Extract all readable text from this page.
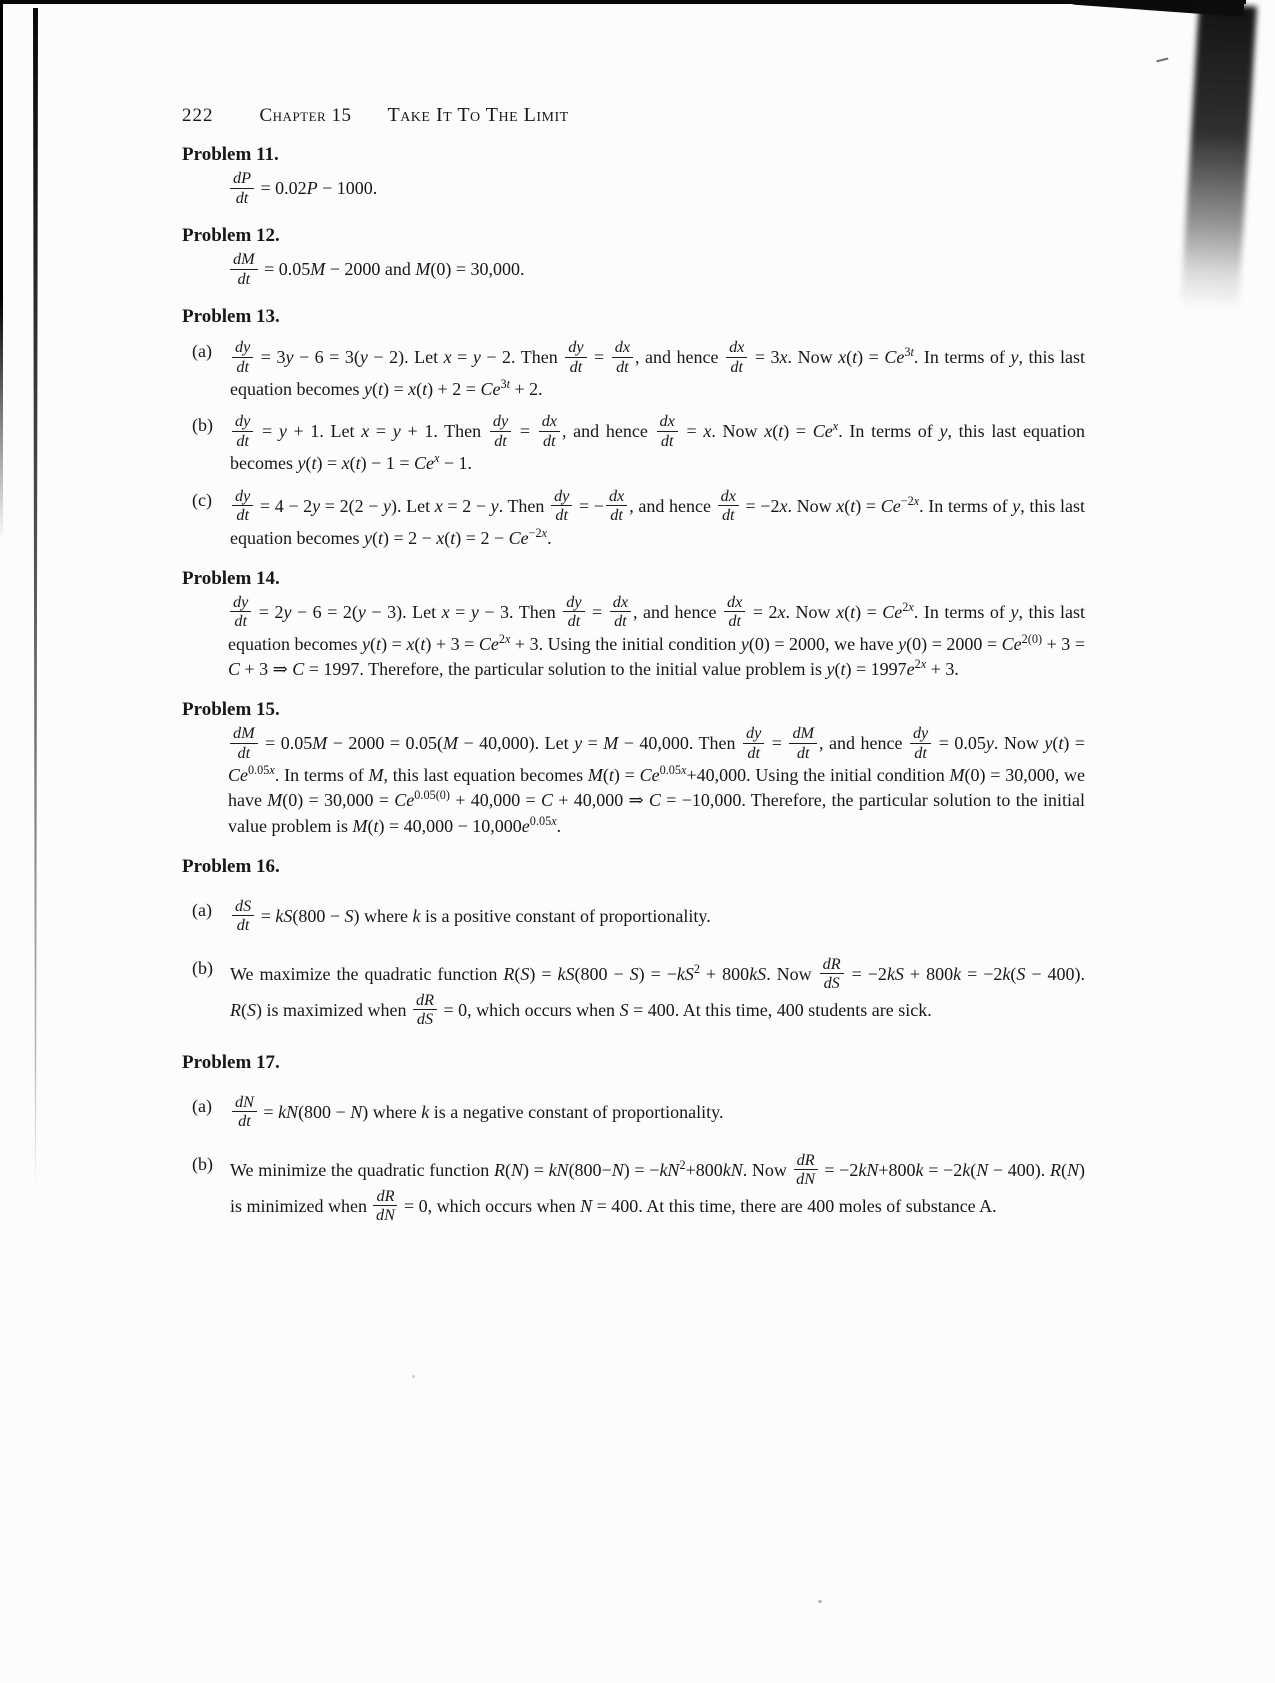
222 Chapter 15 Take It To The Limit
Problem 11.
$\frac{dP}{dt} = 0.02P - 1000$.
Problem 12.
$\frac{dM}{dt} = 0.05M - 2000$ and M(0) = 30,000.
Problem 13.
(a)	$\frac{dy}{dt} = 3y - 6 = 3(y - 2)$. Let x = y − 2. Then $\frac{dy}{dt} = \frac{dx}{dt}$ , and hence $\frac{dx}{dt} = 3x$. Now $x(t) = Ce^{3t}$. In terms of y, this last equation becomes $y(t) = x(t) + 2 = Ce^{3t} + 2$.
(b)	$\frac{dy}{dt} = y + 1$. Let x = y + 1. Then $\frac{dy}{dt} = \frac{dx}{dt}$ , and hence $\frac{dx}{dt} = x$. Now $x(t) = Ce^x$. In terms of y, this last equation becomes $y(t) = x(t) - 1 = Ce^x - 1$.
(c)	$\frac{dy}{dt} = 4 - 2y = 2(2 - y)$. Let x = 2 − y. Then $\frac{dy}{dt}$ = − $\frac{dx}{dt}$ , and hence $\frac{dx}{dt} = -2x$. Now $x(t) = Ce^{-2x}$. In terms of y, this last equation becomes $y(t) = 2 - x(t) = 2 - Ce^{-2x}$.
Problem 14.
$\frac{dy}{dt} = 2y - 6 = 2(y - 3)$. Let x = y − 3. Then $\frac{dy}{dt} = \frac{dx}{dt}$ , and hence $\frac{dx}{dt} = 2x$. Now $x(t) = Ce^{2x}$. In terms of y, this last equation becomes $y(t) = x(t) + 3 = Ce^{2x} + 3$. Using the initial condition y(0) = 2000, we have $y(0) = 2000 = Ce^{2(0)} + 3 = C + 3$ ⇒ C = 1997. Therefore, the particular solution to the initial value problem is $y(t) = 1997e^{2x} + 3$.
Problem 15.
$\frac{dM}{dt} = 0.05M - 2000 = 0.05(M - 40,000)$. Let y = M − 40,000. Then $\frac{dy}{dt} = \frac{dM}{dt}$ , and hence $\frac{dy}{dt} = 0.05y$. Now $y(t) = Ce^{0.05x}$. In terms of M, this last equation becomes $M(t) = Ce^{0.05x}+40,000$. Using the initial condition M(0) = 30,000, we have $M(0) = 30,000 = Ce^{0.05(0)} + 40,000 = C + 40,000$ ⇒ C = −10,000. Therefore, the particular solution to the initial value problem is $M(t) = 40,000 - 10,000e^{0.05x}$.
Problem 16.
(a)	$\frac{dS}{dt} = kS(800 - S)$ where k is a positive constant of proportionality.
(b) We maximize the quadratic function $R(S) = kS(800 - S) = -kS^2 + 800kS$. Now $\frac{dR}{dS} = -2kS + 800k = -2k(S - 400)$. R(S) is maximized when $\frac{dR}{dS} = 0$, which occurs when S = 400. At this time, 400 students are sick.
Problem 17.
(a)	$\frac{dN}{dt} = kN(800 - N)$ where k is a negative constant of proportionality.
(b) We minimize the quadratic function $R(N) = kN(800-N) = -kN^2+800kN$. Now $\frac{dR}{dN} = -2kN+800k = -2k(N - 400)$. R(N) is minimized when $\frac{dR}{dN} = 0$, which occurs when N = 400. At this time, there are 400 moles of substance A.
